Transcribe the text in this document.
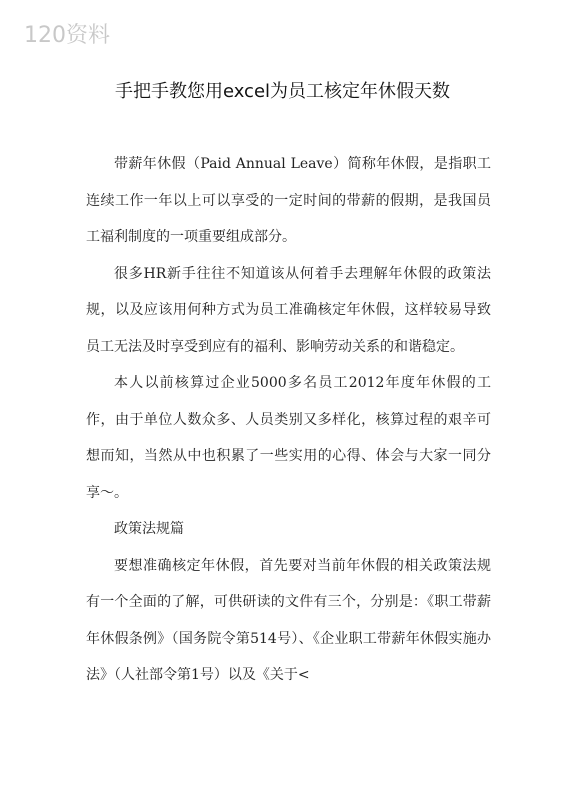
120资料
手把手教您用excel为员工核定年休假天数

带薪年休假（Paid Annual Leave）简称年休假，是指职工连续工作一年以上可以享受的一定时间的带薪的假期，是我国员工福利制度的一项重要组成部分。

很多HR新手往往不知道该从何着手去理解年休假的政策法规，以及应该用何种方式为员工准确核定年休假，这样较易导致员工无法及时享受到应有的福利、影响劳动关系的和谐稳定。

本人以前核算过企业5000多名员工2012年度年休假的工作，由于单位人数众多、人员类别又多样化，核算过程的艰辛可想而知，当然从中也积累了一些实用的心得、体会与大家一同分享～。

政策法规篇

要想准确核定年休假，首先要对当前年休假的相关政策法规有一个全面的了解，可供研读的文件有三个，分别是：《职工带薪年休假条例》（国务院令第514号）、《企业职工带薪年休假实施办法》（人社部令第1号）以及《关于<
